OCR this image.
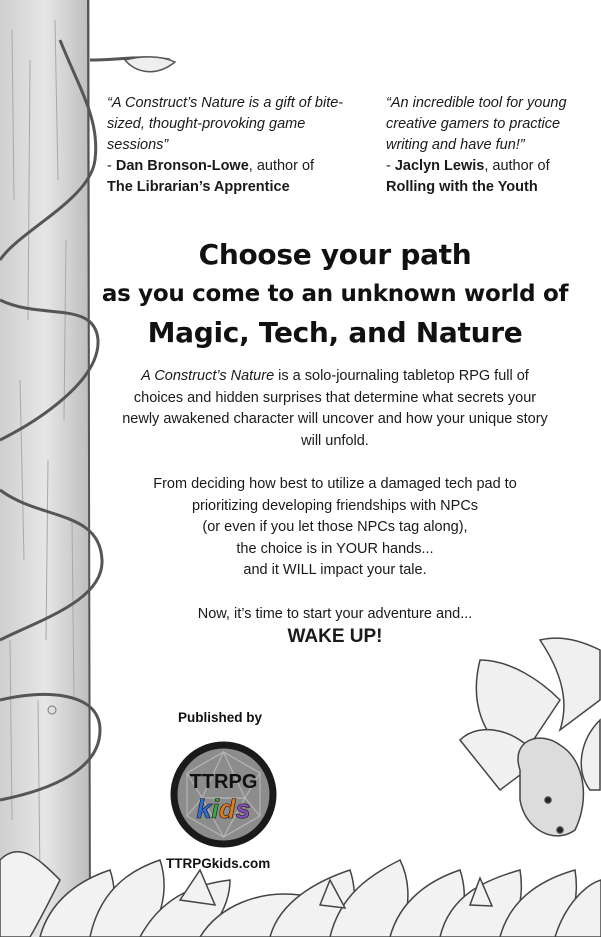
“A Construct’s Nature is a gift of bite-sized, thought-provoking game sessions”
- Dan Bronson-Lowe, author of
The Librarian’s Apprentice
“An incredible tool for young creative gamers to practice writing and have fun!”
- Jaclyn Lewis, author of
Rolling with the Youth
Choose your path
as you come to an unknown world of
Magic, Tech, and Nature

A Construct’s Nature is a solo-journaling tabletop RPG full of choices and hidden surprises that determine what secrets your newly awakened character will uncover and how your unique story will unfold.

From deciding how best to utilize a damaged tech pad to
prioritizing developing friendships with NPCs
(or even if you let those NPCs tag along),
the choice is in YOUR hands...
and it WILL impact your tale.

Now, it’s time to start your adventure and...
WAKE UP!

Published by
TTRPG
kids
TTRPGkids.com
